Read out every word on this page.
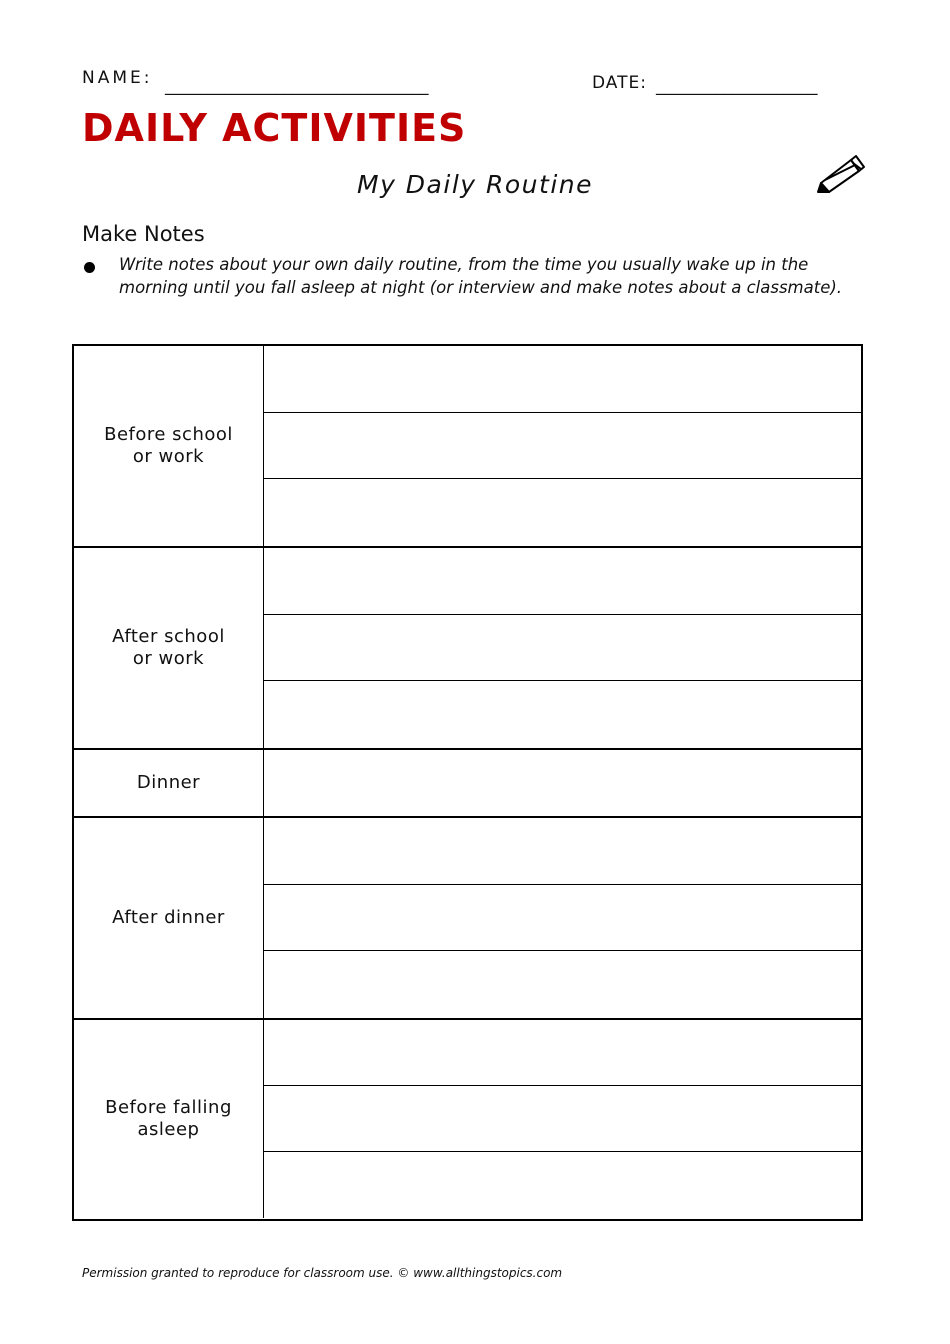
NAME: _______________________________	DATE: ___________________
DAILY ACTIVITIES
My Daily Routine
Make Notes
Write notes about your own daily routine, from the time you usually wake up in the morning until you fall asleep at night (or interview and make notes about a classmate).
Before school
or work
After school
or work
Dinner
After dinner
Before falling
asleep
Permission granted to reproduce for classroom use. © www.allthingstopics.com
